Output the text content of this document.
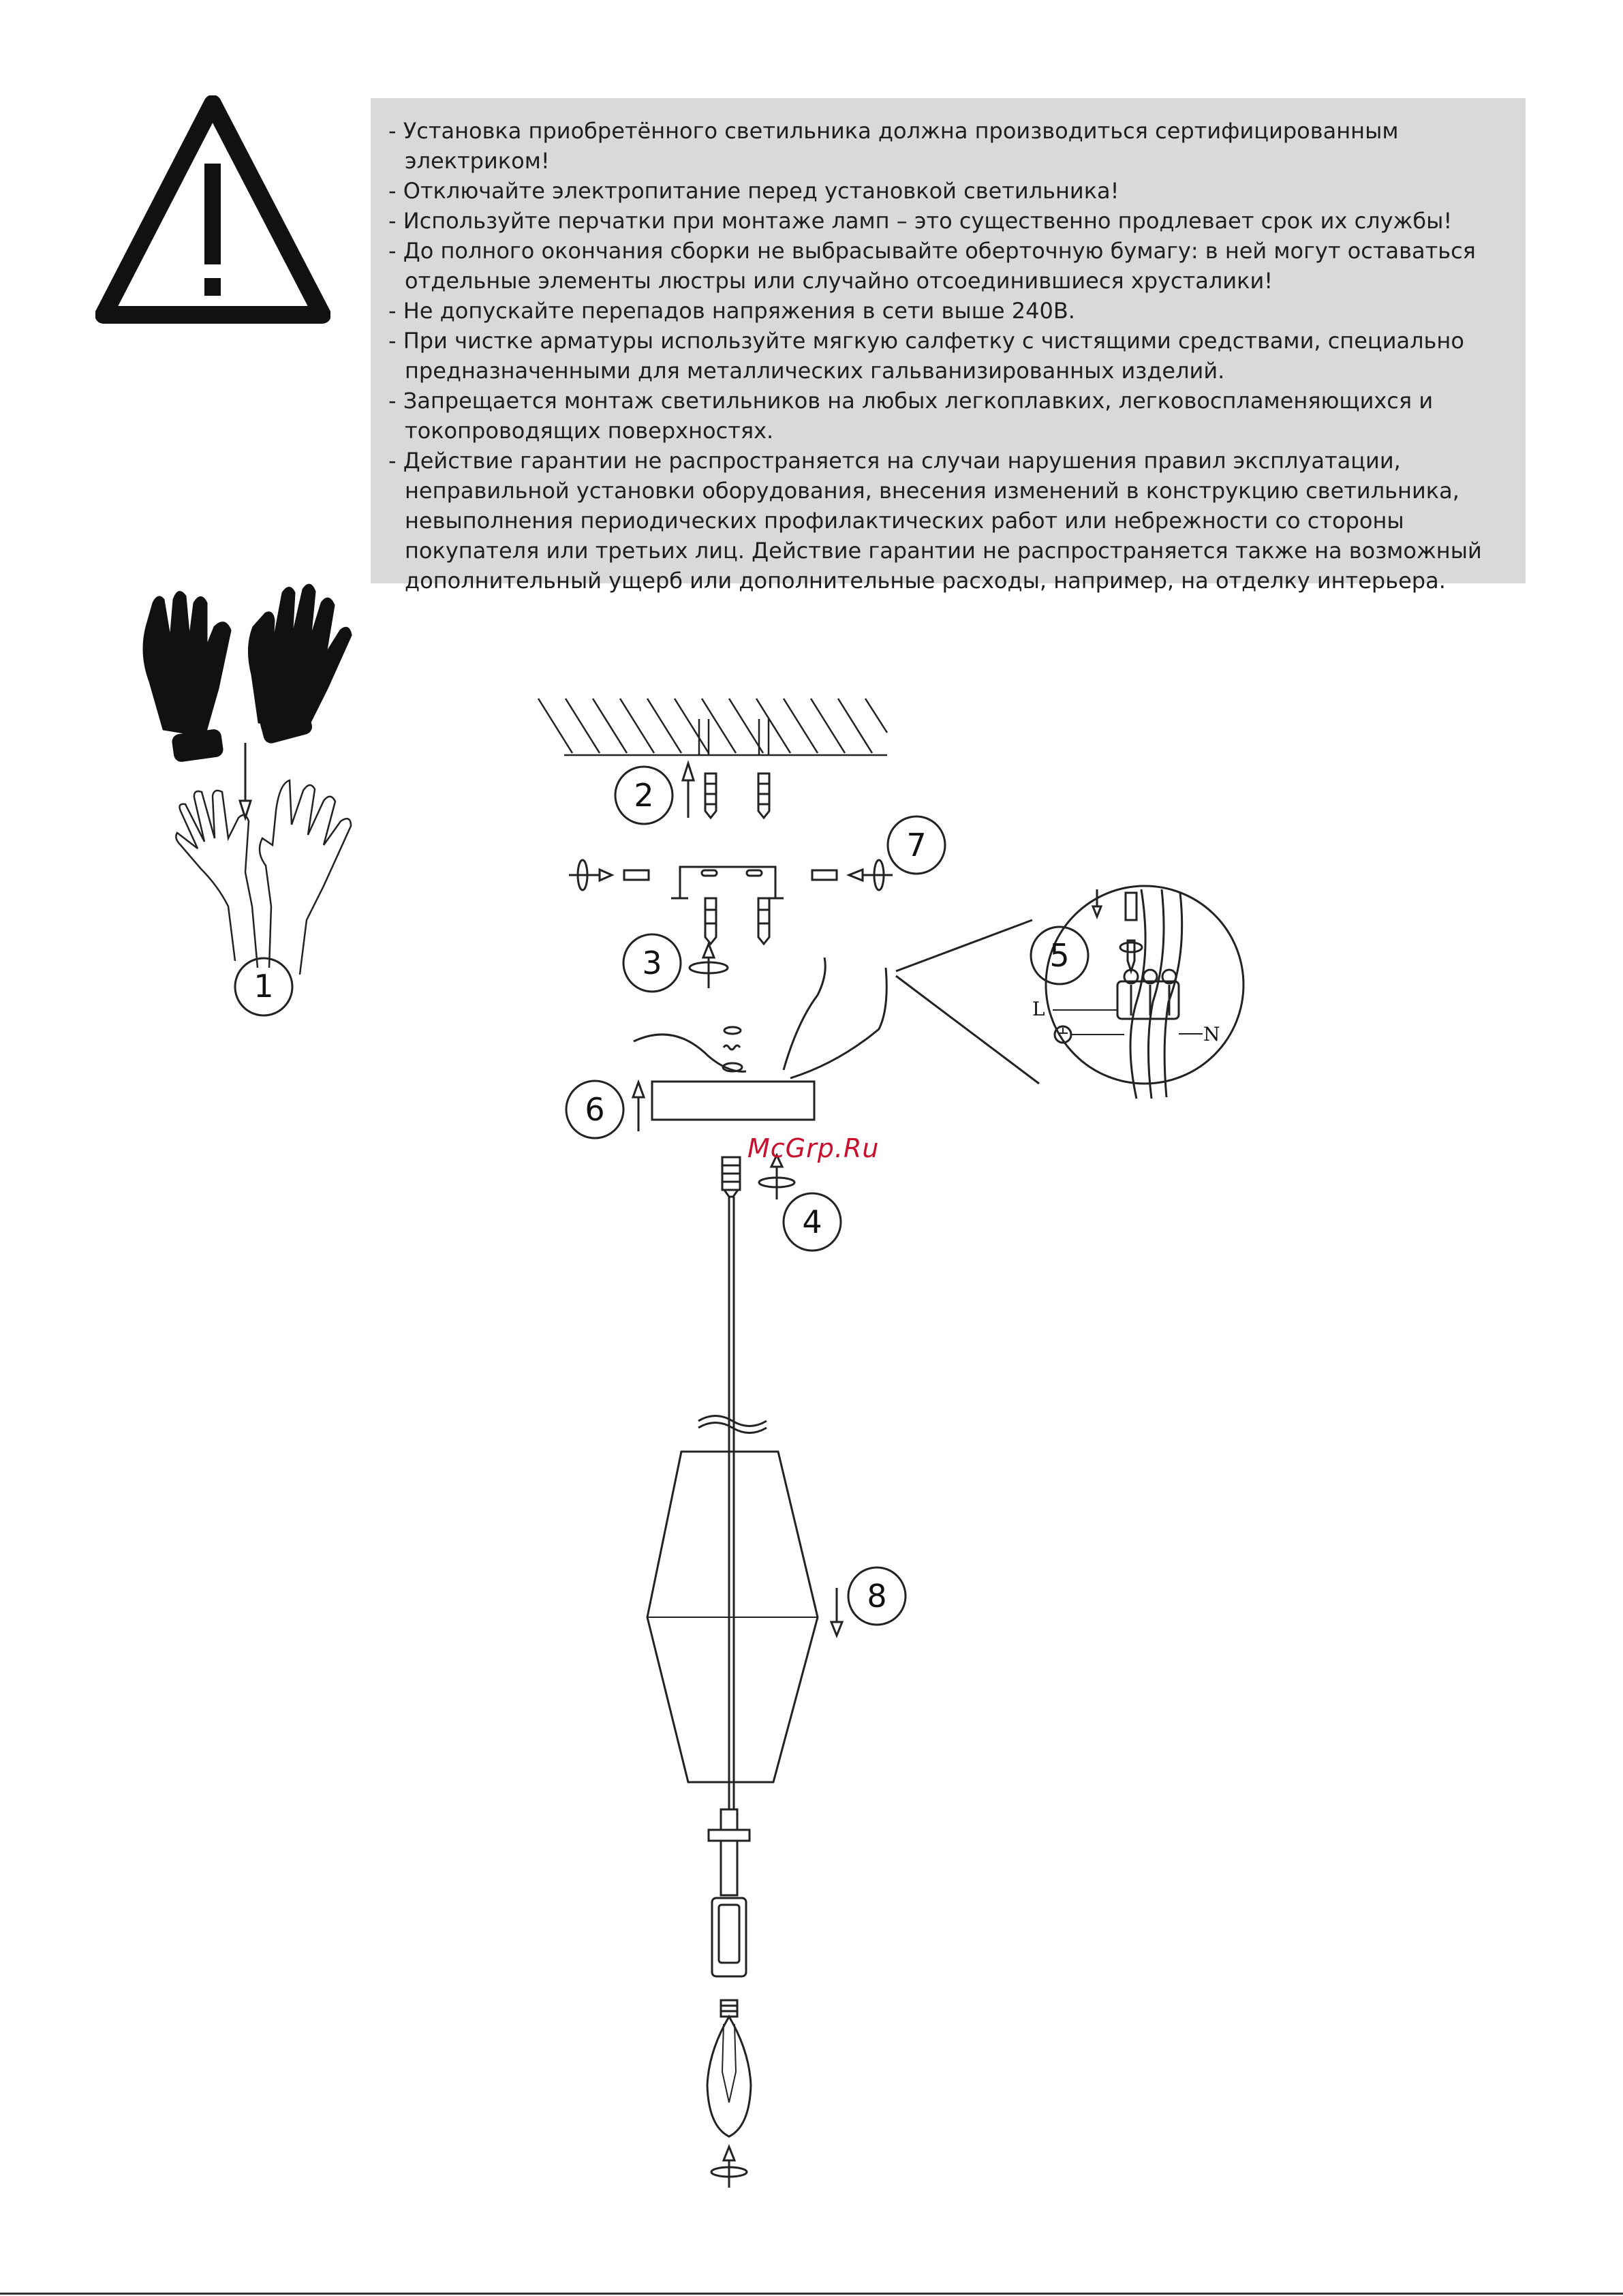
- Установка приобретённого светильника должна производиться сертифицированным электриком!
- Отключайте электропитание перед установкой светильника!
- Используйте перчатки при монтаже ламп – это существенно продлевает срок их службы!
- До полного окончания сборки не выбрасывайте оберточную бумагу: в ней могут оставаться отдельные элементы люстры или случайно отсоединившиеся хрусталики!
- Не допускайте перепадов напряжения в сети выше 240В.
- При чистке арматуры используйте мягкую салфетку с чистящими средствами, специально предназначенными для металлических гальванизированных изделий.
- Запрещается монтаж светильников на любых легкоплавких, легковоспламеняющихся и токопроводящих поверхностях.
- Действие гарантии не распространяется на случаи нарушения правил эксплуатации, неправильной установки оборудования, внесения изменений в конструкцию светильника, невыполнения периодических профилактических работ или небрежности со стороны покупателя или третьих лиц. Действие гарантии не распространяется также на возможный дополнительный ущерб или дополнительные расходы, например, на отделку интерьера.
1
2
3
4
5
6
7
8
L
N
McGrp.Ru
